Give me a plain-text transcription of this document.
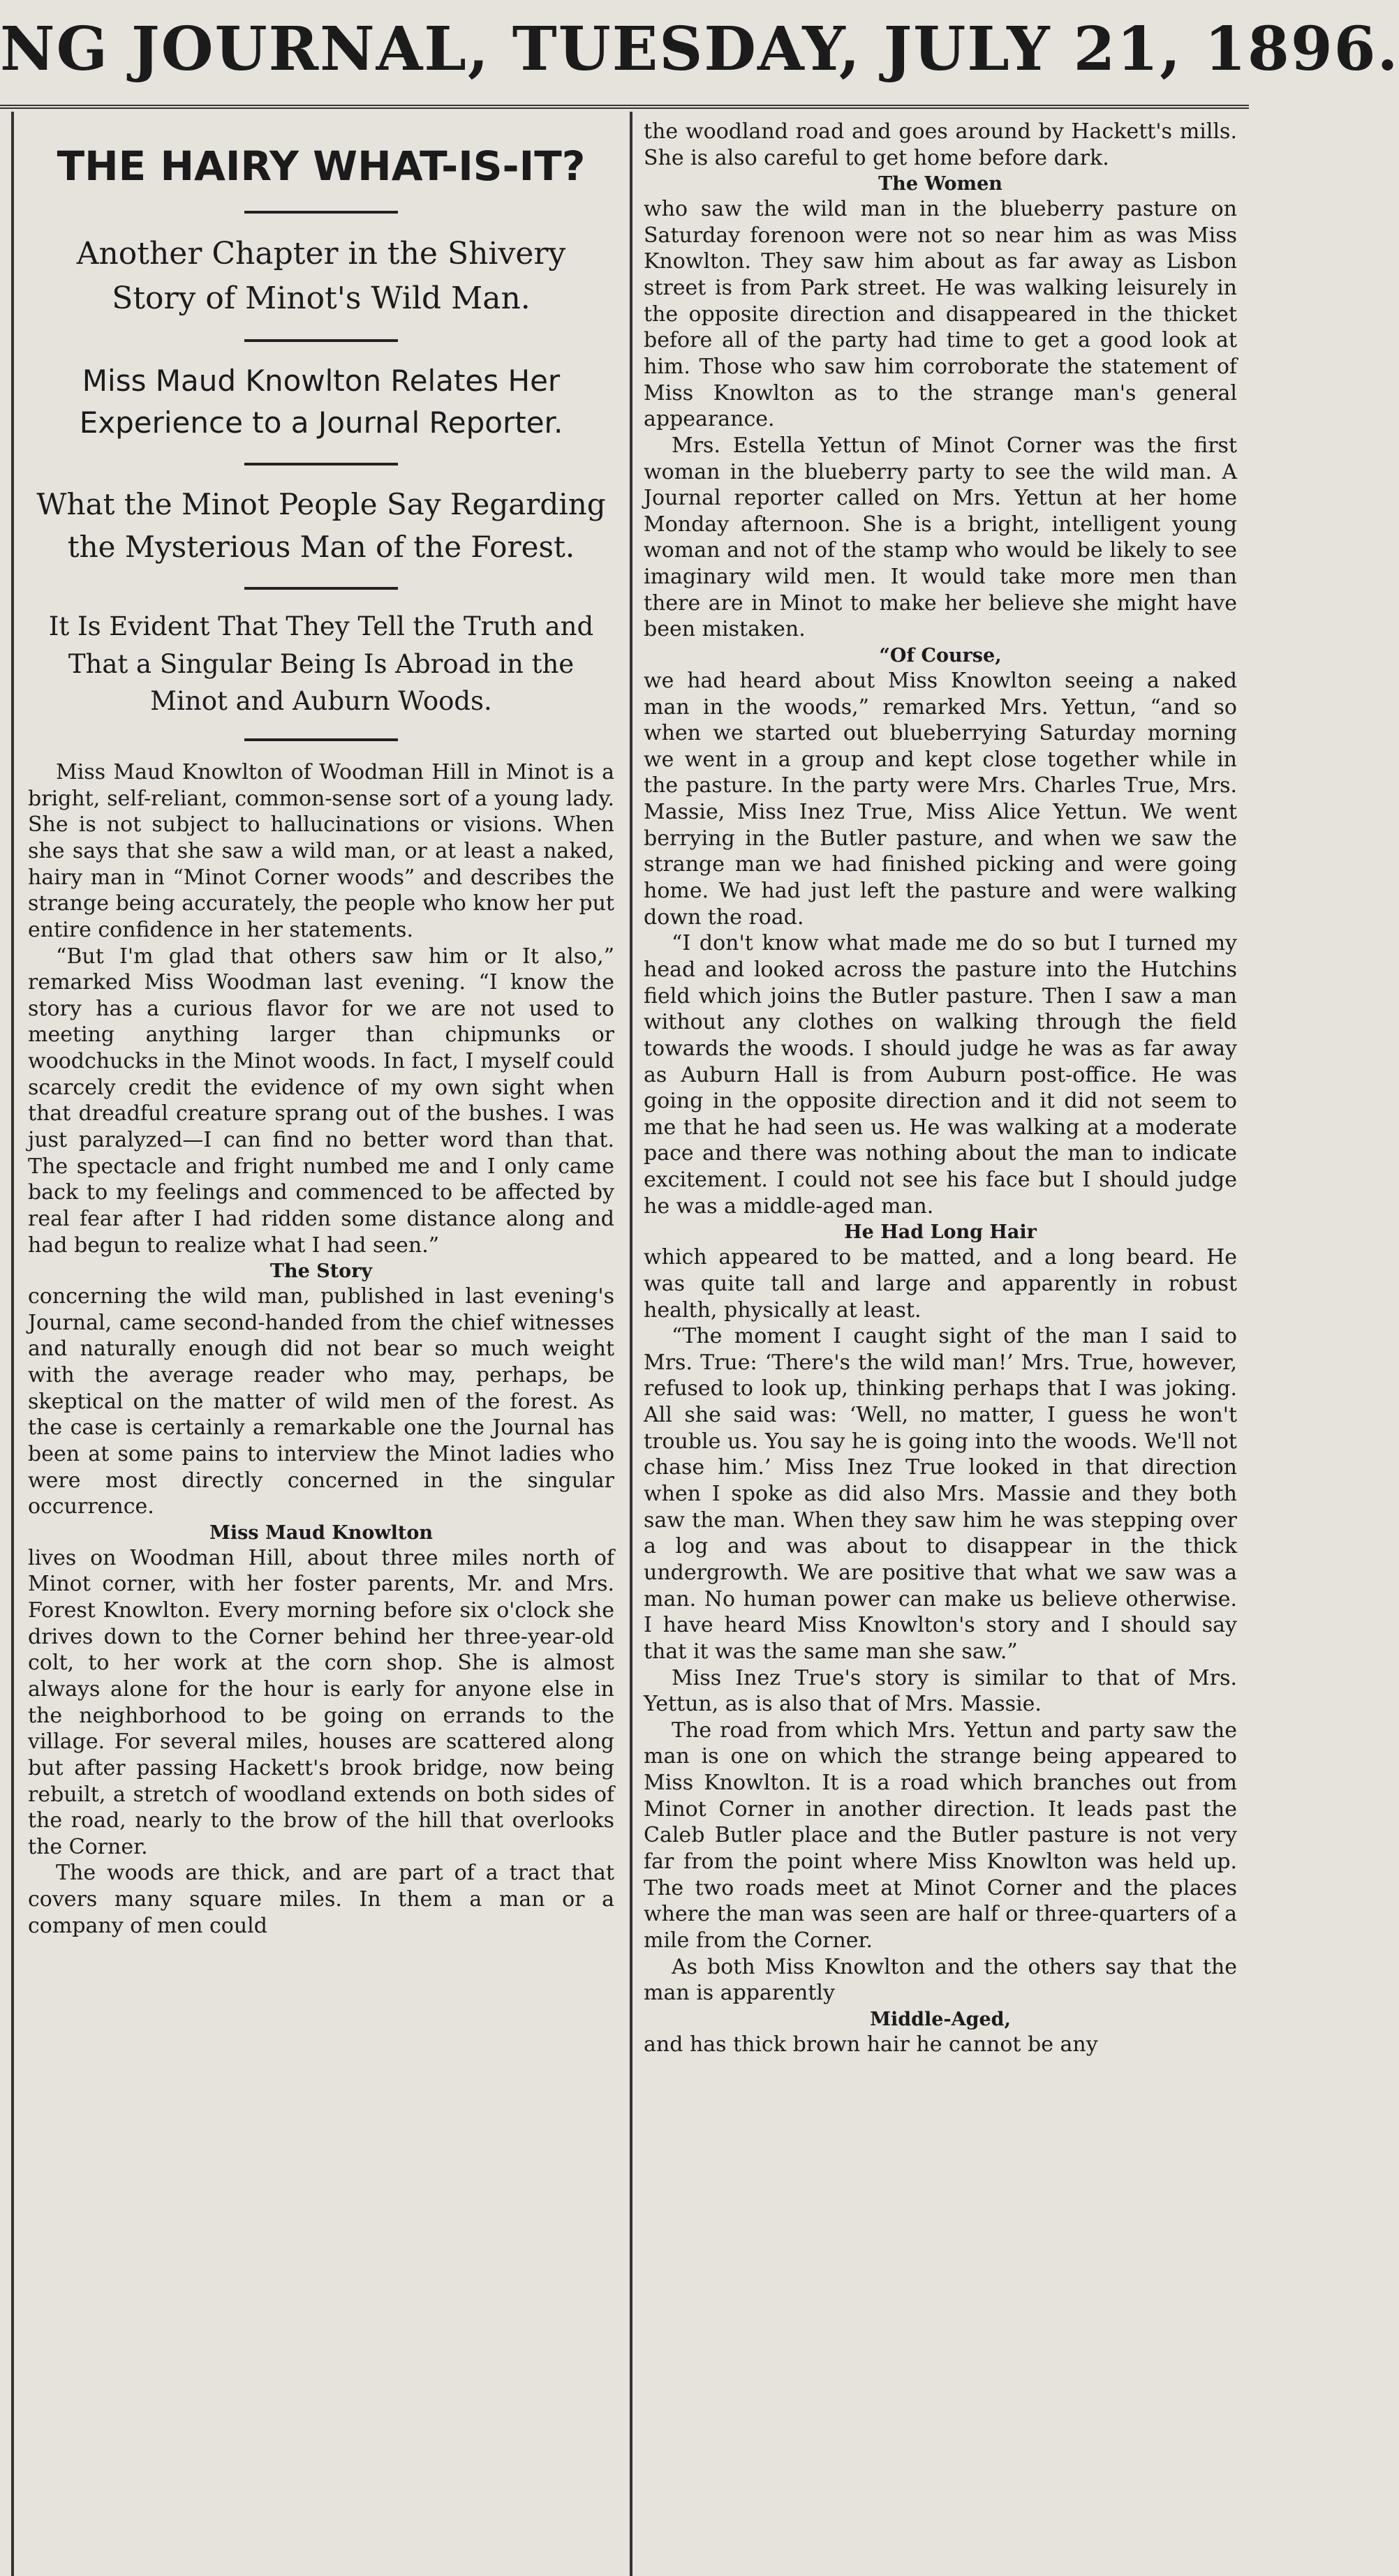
NG JOURNAL, TUESDAY, JULY 21, 1896.
THE HAIRY WHAT-IS-IT?
Another Chapter in the Shivery Story of Minot's Wild Man.
Miss Maud Knowlton Relates Her Experience to a Journal Reporter.
What the Minot People Say Regarding the Mysterious Man of the Forest.
It Is Evident That They Tell the Truth and That a Singular Being Is Abroad in the Minot and Auburn Woods.

Miss Maud Knowlton of Woodman Hill in Minot is a bright, self-reliant, common-sense sort of a young lady. She is not subject to hallucinations or visions. When she says that she saw a wild man, or at least a naked, hairy man in “Minot Corner woods” and describes the strange being accurately, the people who know her put entire confidence in her statements.

“But I'm glad that others saw him or It also,” remarked Miss Woodman last evening. “I know the story has a curious flavor for we are not used to meeting anything larger than chipmunks or woodchucks in the Minot woods. In fact, I myself could scarcely credit the evidence of my own sight when that dreadful creature sprang out of the bushes. I was just paralyzed—I can find no better word than that. The spectacle and fright numbed me and I only came back to my feelings and commenced to be affected by real fear after I had ridden some distance along and had begun to realize what I had seen.”

The Story

concerning the wild man, published in last evening's Journal, came second-handed from the chief witnesses and naturally enough did not bear so much weight with the average reader who may, perhaps, be skeptical on the matter of wild men of the forest. As the case is certainly a remarkable one the Journal has been at some pains to interview the Minot ladies who were most directly concerned in the singular occurrence.

Miss Maud Knowlton

lives on Woodman Hill, about three miles north of Minot corner, with her foster parents, Mr. and Mrs. Forest Knowlton. Every morning before six o'clock she drives down to the Corner behind her three-year-old colt, to her work at the corn shop. She is almost always alone for the hour is early for anyone else in the neighborhood to be going on errands to the village. For several miles, houses are scattered along but after passing Hackett's brook bridge, now being rebuilt, a stretch of woodland extends on both sides of the road, nearly to the brow of the hill that overlooks the Corner.

The woods are thick, and are part of a tract that covers many square miles. In them a man or a company of men could

the woodland road and goes around by Hackett's mills. She is also careful to get home before dark.

The Women

who saw the wild man in the blueberry pasture on Saturday forenoon were not so near him as was Miss Knowlton. They saw him about as far away as Lisbon street is from Park street. He was walking leisurely in the opposite direction and disappeared in the thicket before all of the party had time to get a good look at him. Those who saw him corroborate the statement of Miss Knowlton as to the strange man's general appearance.

Mrs. Estella Yettun of Minot Corner was the first woman in the blueberry party to see the wild man. A Journal reporter called on Mrs. Yettun at her home Monday afternoon. She is a bright, intelligent young woman and not of the stamp who would be likely to see imaginary wild men. It would take more men than there are in Minot to make her believe she might have been mistaken.

“Of Course,

we had heard about Miss Knowlton seeing a naked man in the woods,” remarked Mrs. Yettun, “and so when we started out blueberrying Saturday morning we went in a group and kept close together while in the pasture. In the party were Mrs. Charles True, Mrs. Massie, Miss Inez True, Miss Alice Yettun. We went berrying in the Butler pasture, and when we saw the strange man we had finished picking and were going home. We had just left the pasture and were walking down the road.

“I don't know what made me do so but I turned my head and looked across the pasture into the Hutchins field which joins the Butler pasture. Then I saw a man without any clothes on walking through the field towards the woods. I should judge he was as far away as Auburn Hall is from Auburn post-office. He was going in the opposite direction and it did not seem to me that he had seen us. He was walking at a moderate pace and there was nothing about the man to indicate excitement. I could not see his face but I should judge he was a middle-aged man.

He Had Long Hair

which appeared to be matted, and a long beard. He was quite tall and large and apparently in robust health, physically at least.

“The moment I caught sight of the man I said to Mrs. True: ‘There's the wild man!’ Mrs. True, however, refused to look up, thinking perhaps that I was joking. All she said was: ‘Well, no matter, I guess he won't trouble us. You say he is going into the woods. We'll not chase him.’ Miss Inez True looked in that direction when I spoke as did also Mrs. Massie and they both saw the man. When they saw him he was stepping over a log and was about to disappear in the thick undergrowth. We are positive that what we saw was a man. No human power can make us believe otherwise. I have heard Miss Knowlton's story and I should say that it was the same man she saw.”

Miss Inez True's story is similar to that of Mrs. Yettun, as is also that of Mrs. Massie.

The road from which Mrs. Yettun and party saw the man is one on which the strange being appeared to Miss Knowlton. It is a road which branches out from Minot Corner in another direction. It leads past the Caleb Butler place and the Butler pasture is not very far from the point where Miss Knowlton was held up. The two roads meet at Minot Corner and the places where the man was seen are half or three-quarters of a mile from the Corner.

As both Miss Knowlton and the others say that the man is apparently

Middle-Aged,

and has thick brown hair he cannot be any
